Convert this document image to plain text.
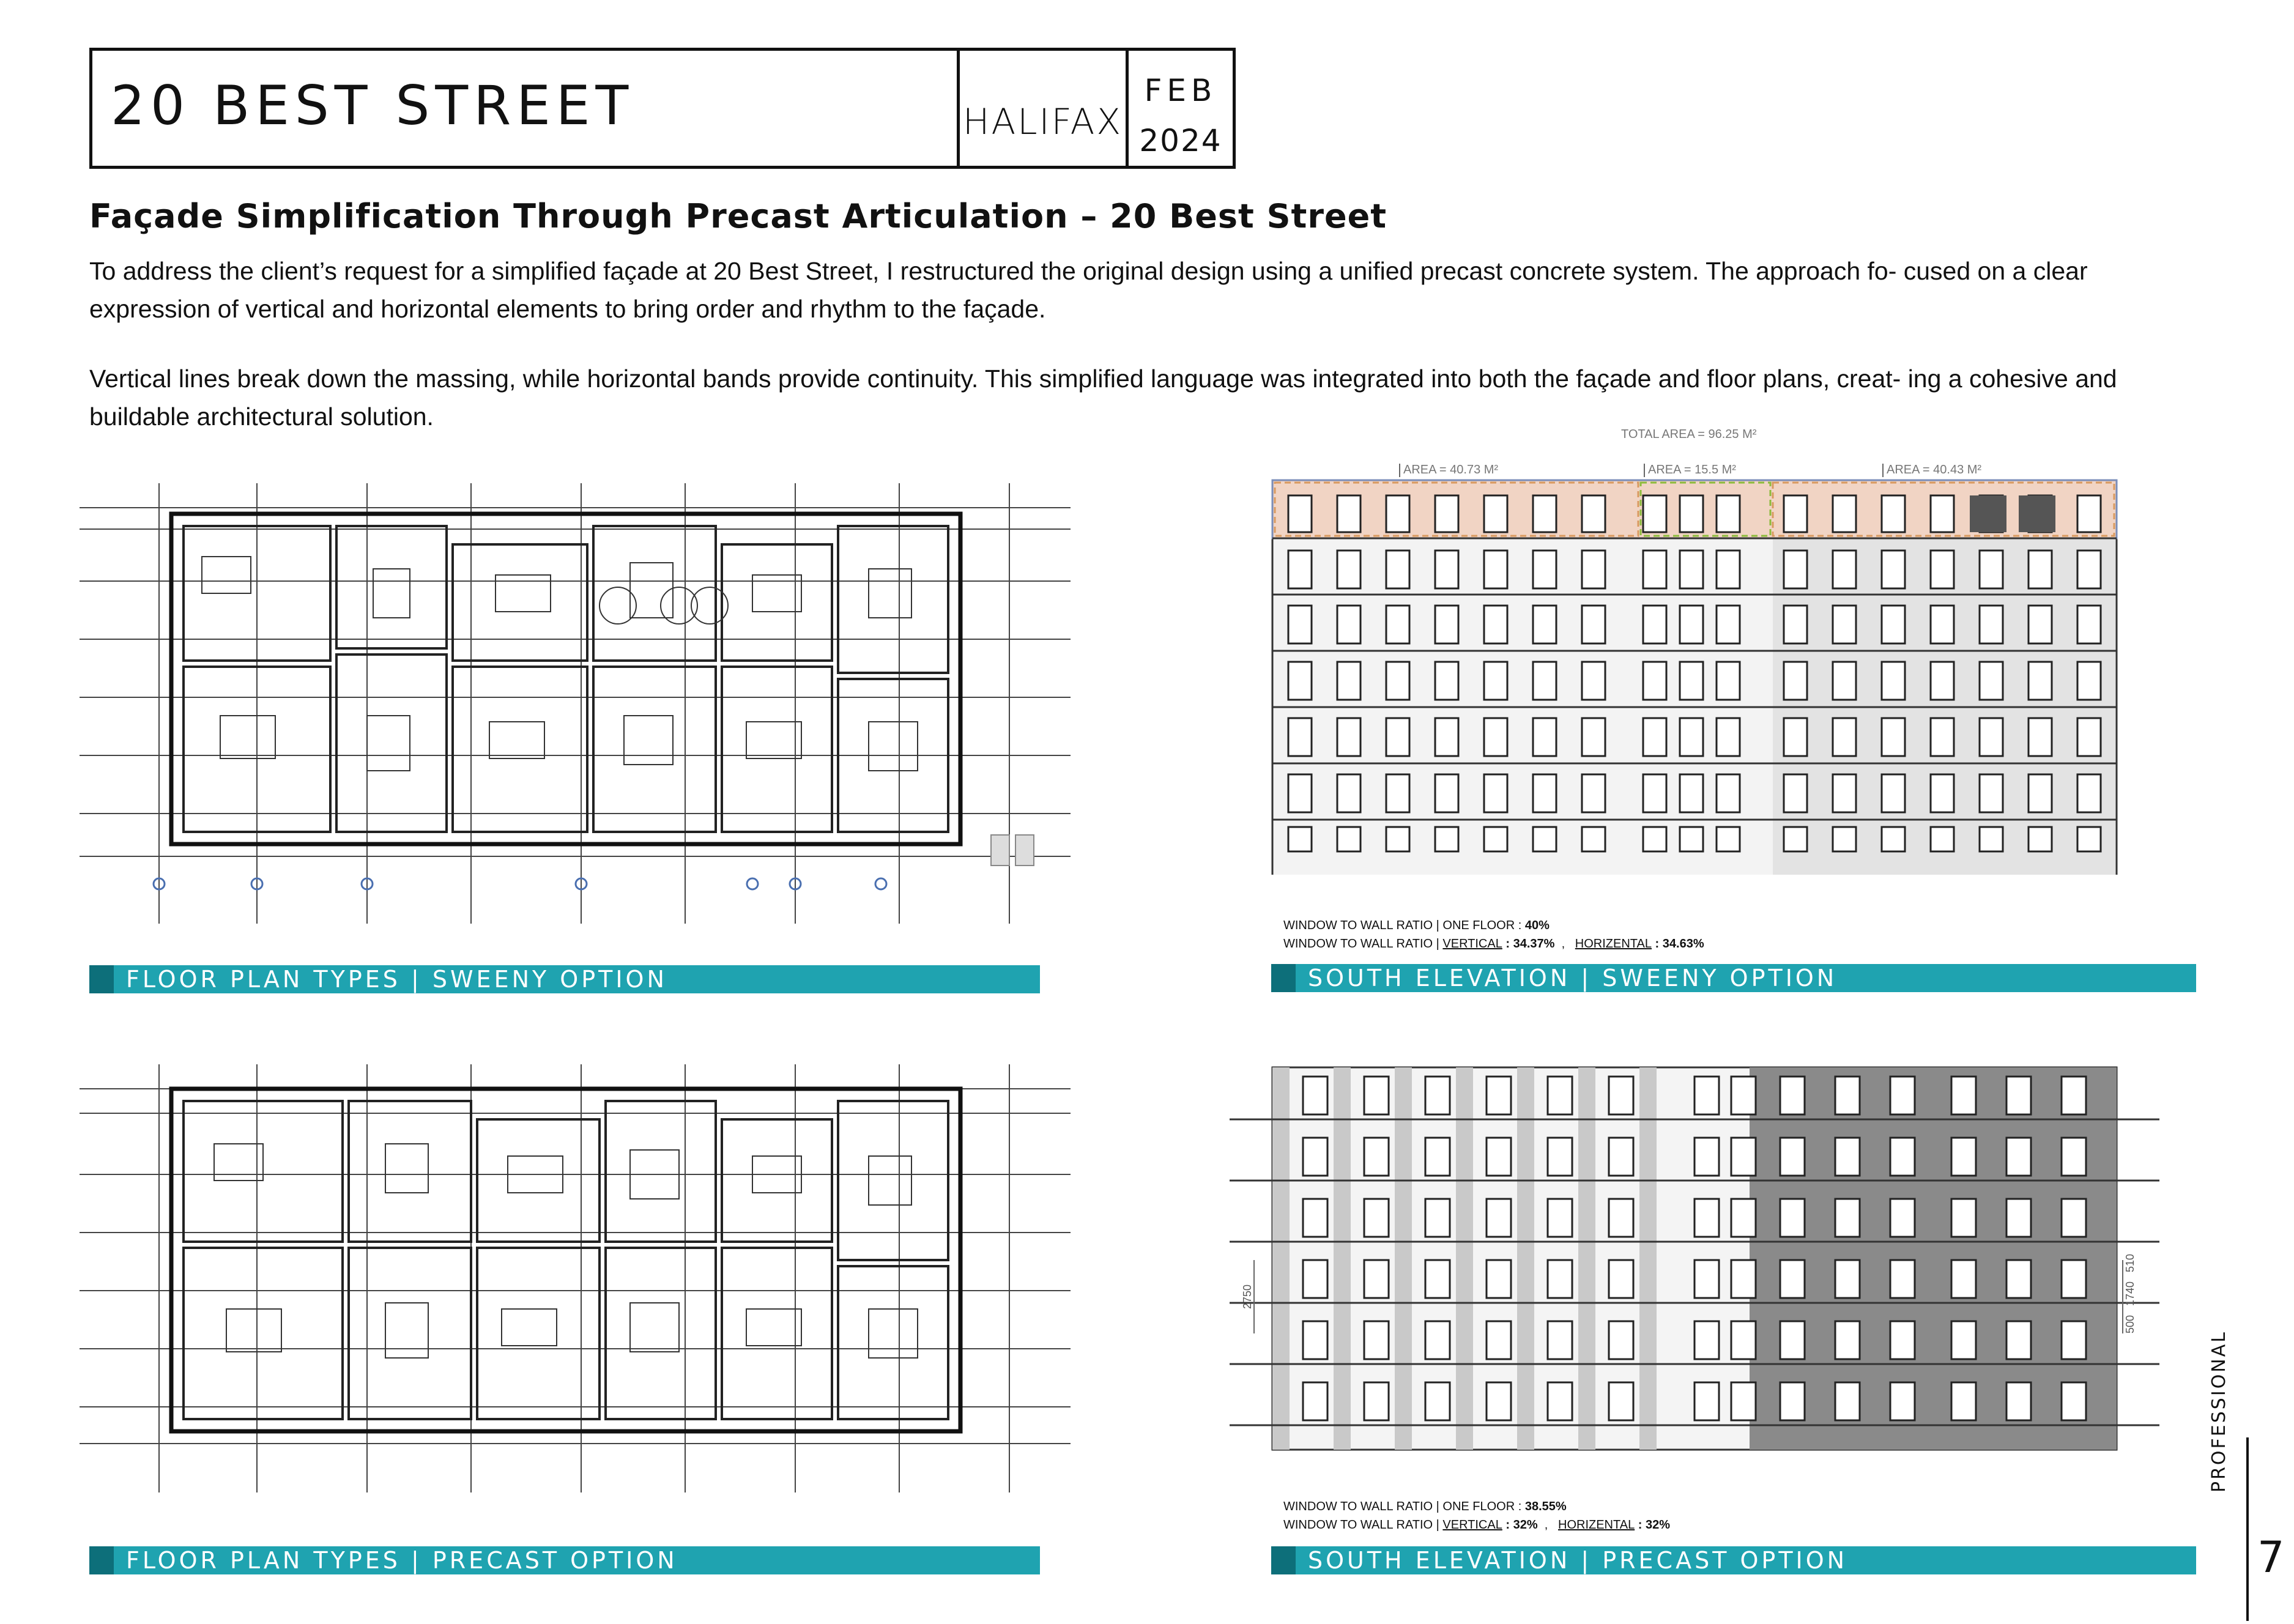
20 BEST STREET	HALIFAX
FEB
2024
Façade Simplification Through Precast Articulation – 20 Best Street
To address the client’s request for a simplified façade at 20 Best Street, I restructured the original design using a unified precast concrete system. The approach fo- cused on a clear expression of vertical and horizontal elements to bring order and rhythm to the façade.
Vertical lines break down the massing, while horizontal bands provide continuity. This simplified language was integrated into both the façade and floor plans, creat- ing a cohesive and buildable architectural solution.
TOTAL AREA = 96.25 M²
AREA = 40.73 M²	AREA = 15.5 M²	AREA = 40.43 M²
WINDOW TO WALL RATIO | ONE FLOOR : 40%
WINDOW TO WALL RATIO | VERTICAL : 34.37%  ,   HORIZENTAL : 34.63%
2750
500
1740
510
WINDOW TO WALL RATIO | ONE FLOOR : 38.55%
WINDOW TO WALL RATIO | VERTICAL : 32%  ,   HORIZENTAL : 32%
FLOOR PLAN TYPES | SWEENY OPTION	SOUTH ELEVATION | SWEENY OPTION
FLOOR PLAN TYPES | PRECAST OPTION	SOUTH ELEVATION | PRECAST OPTION
PROFESSIONAL
7
